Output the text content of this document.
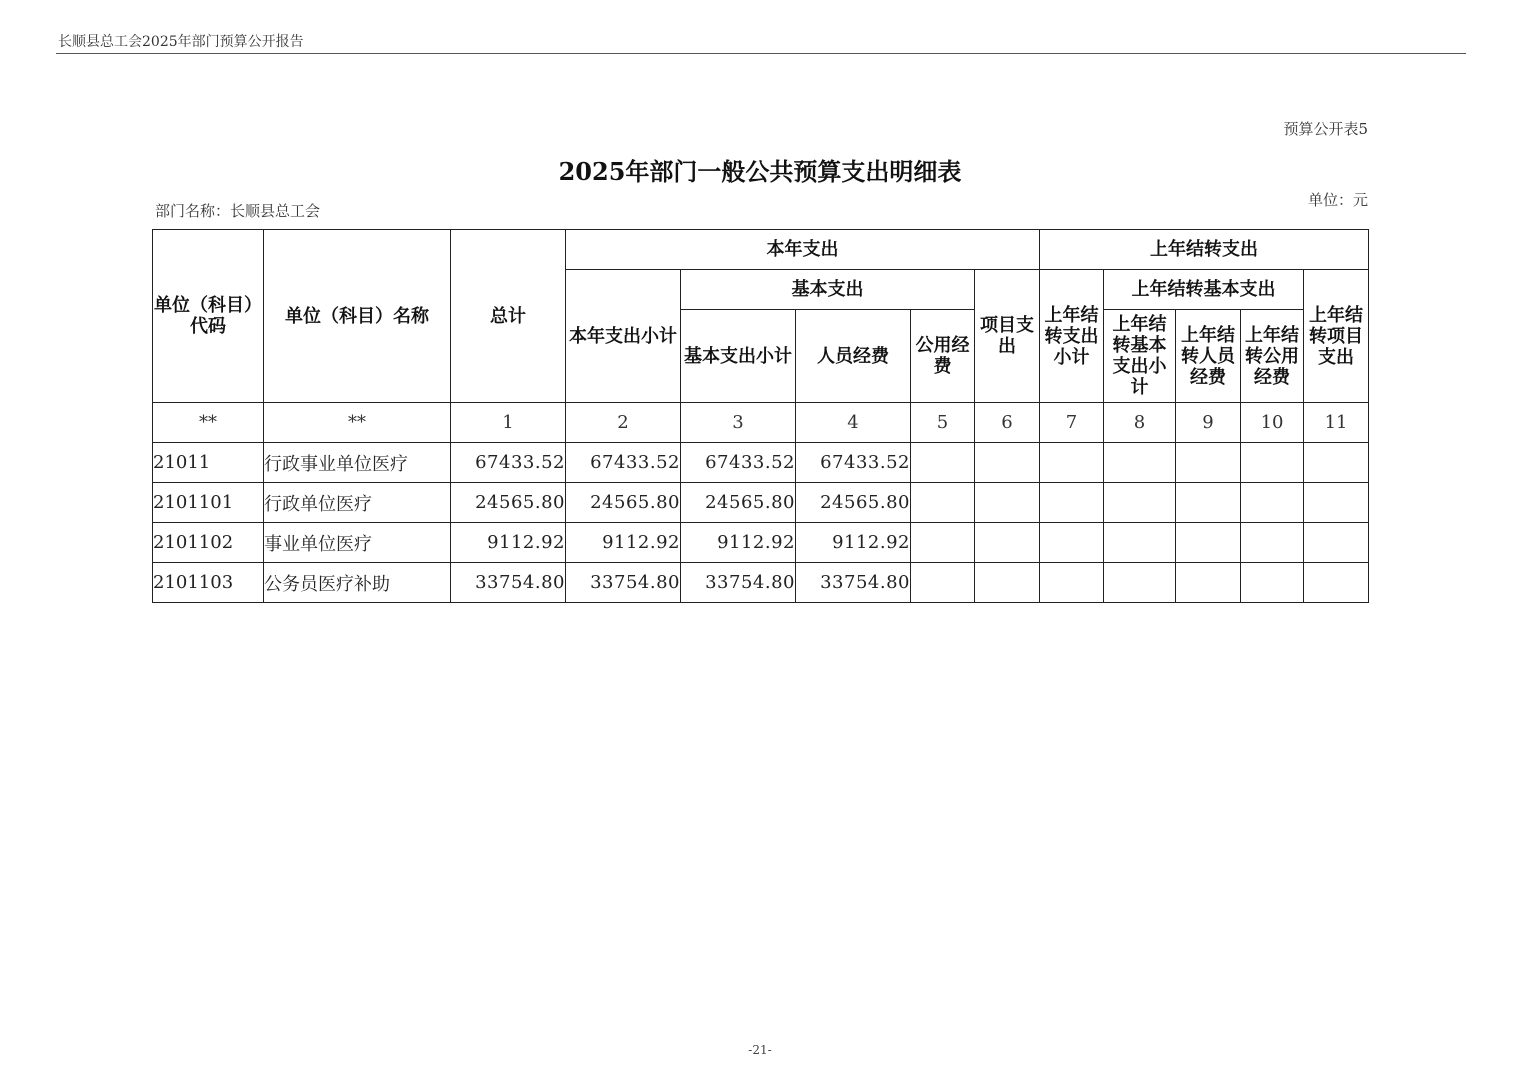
长顺县总工会2025年部门预算公开报告
预算公开表5
2025年部门一般公共预算支出明细表
部门名称：长顺县总工会
单位：元
单位（科目）代码	单位（科目）名称	总计	本年支出					上年结转支出				
			本年支出小计	基本支出			项目支出	上年结转支出小计	上年结转基本支出			上年结转项目支出
				基本支出小计	人员经费	公用经费			上年结转基本支出小计	上年结转人员经费	上年结转公用经费	
**	**	1	2	3	4	5	6	7	8	9	10	11
21011	行政事业单位医疗	67433.52	67433.52	67433.52	67433.52							
2101101	行政单位医疗	24565.80	24565.80	24565.80	24565.80							
2101102	事业单位医疗	9112.92	9112.92	9112.92	9112.92							
2101103	公务员医疗补助	33754.80	33754.80	33754.80	33754.80							
-21-
